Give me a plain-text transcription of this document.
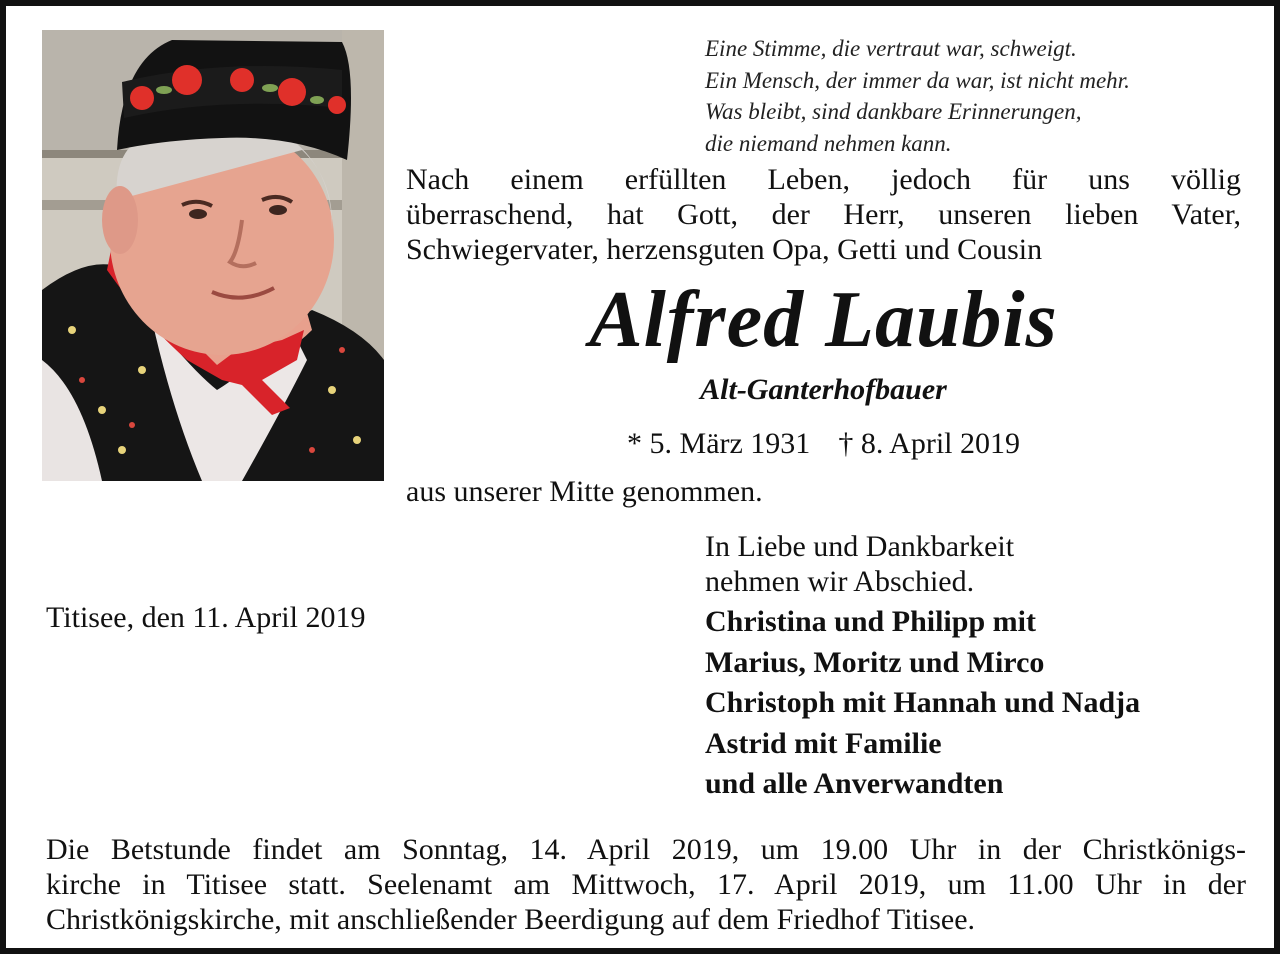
Eine Stimme, die vertraut war, schweigt.
Ein Mensch, der immer da war, ist nicht mehr.
Was bleibt, sind dankbare Erinnerungen,
die niemand nehmen kann.
Nach einem erfüllten Leben, jedoch für uns völlig
überraschend, hat Gott, der Herr, unseren lieben Vater,
Schwiegervater, herzensguten Opa, Getti und Cousin
Alfred Laubis
Alt-Ganterhofbauer
* 5. März 1931 † 8. April 2019
aus unserer Mitte genommen.
In Liebe und Dankbarkeit
nehmen wir Abschied.
Titisee, den 11. April 2019	Christina und Philipp mit
Marius, Moritz und Mirco
Christoph mit Hannah und Nadja
Astrid mit Familie
und alle Anverwandten
Die Betstunde findet am Sonntag, 14. April 2019, um 19.00 Uhr in der Christkönigs-
kirche in Titisee statt. Seelenamt am Mittwoch, 17. April 2019, um 11.00 Uhr in der
Christkönigskirche, mit anschließender Beerdigung auf dem Friedhof Titisee.
